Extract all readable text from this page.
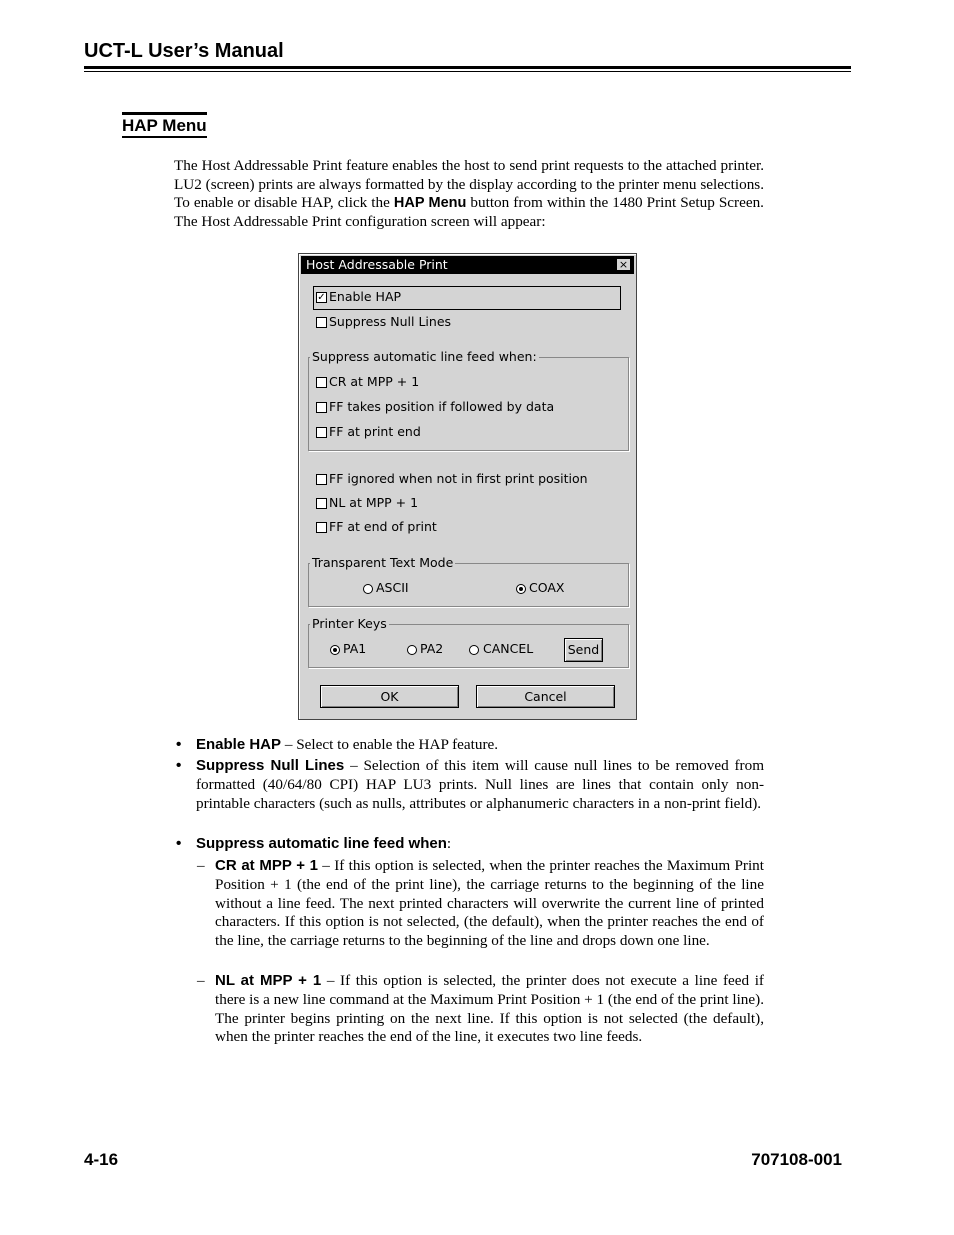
UCT-L User’s Manual
HAP Menu
The Host Addressable Print feature enables the host to send print requests to the attached printer. LU2 (screen) prints are always formatted by the display according to the printer menu selections. To enable or disable HAP, click the HAP Menu button from within the 1480 Print Setup Screen. The Host Addressable Print configuration screen will appear:
Host Addressable Print	×
✓ Enable HAP
Suppress Null Lines
Suppress automatic line feed when:
CR at MPP + 1
FF takes position if followed by data
FF at print end
FF ignored when not in first print position
NL at MPP + 1
FF at end of print
Transparent Text Mode
ASCII	COAX
Printer Keys
PA1	PA2	CANCEL	Send
OK	Cancel
• Enable HAP – Select to enable the HAP feature.
• Suppress Null Lines – Selection of this item will cause null lines to be removed from formatted (40/64/80 CPI) HAP LU3 prints. Null lines are lines that contain only non-printable characters (such as nulls, attributes or alphanumeric characters in a non-print field).
• Suppress automatic line feed when:
– CR at MPP + 1 – If this option is selected, when the printer reaches the Maximum Print Position + 1 (the end of the print line), the carriage returns to the beginning of the line without a line feed. The next printed characters will overwrite the current line of printed characters. If this option is not selected, (the default), when the printer reaches the end of the line, the carriage returns to the beginning of the line and drops down one line.
– NL at MPP + 1 – If this option is selected, the printer does not execute a line feed if there is a new line command at the Maximum Print Position + 1 (the end of the print line). The printer begins printing on the next line. If this option is not selected (the default), when the printer reaches the end of the line, it executes two line feeds.
4-16	707108-001
